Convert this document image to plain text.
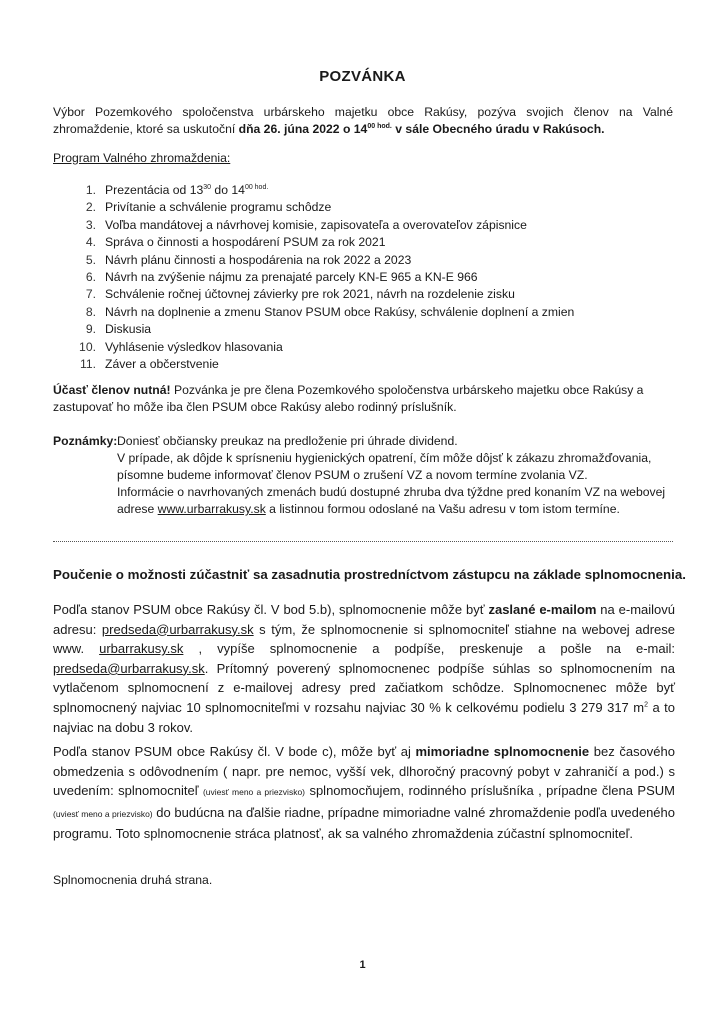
POZVÁNKA
Výbor Pozemkového spoločenstva urbárskeho majetku obce Rakúsy, pozýva svojich členov na Valné zhromaždenie, ktoré sa uskutoční dňa 26. júna 2022 o $14^{00 hod.}$ v sále Obecného úradu v Rakúsoch.
Program Valného zhromaždenia:
1. Prezentácia od $13^{30}$ do $14^{00 hod.}$
2. Privítanie a schválenie programu schôdze
3. Voľba mandátovej a návrhovej komisie, zapisovateľa a overovateľov zápisnice
4. Správa o činnosti a hospodárení PSUM za rok 2021
5. Návrh plánu činnosti a hospodárenia na rok 2022 a 2023
6. Návrh na zvýšenie nájmu za prenajaté parcely KN-E 965 a KN-E 966
7. Schválenie ročnej účtovnej závierky pre rok 2021, návrh na rozdelenie zisku
8. Návrh na doplnenie a zmenu Stanov PSUM obce Rakúsy, schválenie doplnení a zmien
9. Diskusia
10. Vyhlásenie výsledkov hlasovania
11. Záver a občerstvenie
Účasť členov nutná! Pozvánka je pre člena Pozemkového spoločenstva urbárskeho majetku obce Rakúsy a zastupovať ho môže iba člen PSUM obce Rakúsy alebo rodinný príslušník.
Poznámky: Doniesť občiansky preukaz na predloženie pri úhrade dividend.
V prípade, ak dôjde k sprísneniu hygienických opatrení, čím môže dôjsť k zákazu zhromažďovania,
písomne budeme informovať členov PSUM o zrušení VZ a novom termíne zvolania VZ.
Informácie o navrhovaných zmenách budú dostupné zhruba dva týždne pred konaním VZ na webovej
adrese www.urbarrakusy.sk a listinnou formou odoslané na Vašu adresu v tom istom termíne.
Poučenie o možnosti zúčastniť sa zasadnutia prostredníctvom zástupcu na základe splnomocnenia.
Podľa stanov PSUM obce Rakúsy čl. V bod 5.b), splnomocnenie môže byť zaslané e-mailom na e-mailovú adresu: predseda@urbarrakusy.sk s tým, že splnomocnenie si splnomocniteľ stiahne na webovej adrese www. urbarrakusy.sk , vypíše splnomocnenie a podpíše, preskenuje a pošle na e-mail: predseda@urbarrakusy.sk. Prítomný poverený splnomocnenec podpíše súhlas so splnomocnením na vytlačenom splnomocnení z e-mailovej adresy pred začiatkom schôdze. Splnomocnenec môže byť splnomocnený najviac 10 splnomocniteľmi v rozsahu najviac 30 % k celkovému podielu 3 279 317 $m^2$ a to najviac na dobu 3 rokov.
Podľa stanov PSUM obce Rakúsy čl. V bode c), môže byť aj mimoriadne splnomocnenie bez časového obmedzenia s odôvodnením ( napr. pre nemoc, vyšší vek, dlhoročný pracovný pobyt v zahraničí a pod.) s uvedením: splnomocniteľ (uviesť meno a priezvisko) splnomocňujem, rodinného príslušníka , prípadne člena PSUM (uviesť meno a priezvisko) do budúcna na ďalšie riadne, prípadne mimoriadne valné zhromaždenie podľa uvedeného programu. Toto splnomocnenie stráca platnosť, ak sa valného zhromaždenia zúčastní splnomocniteľ.
Splnomocnenia druhá strana.
1
